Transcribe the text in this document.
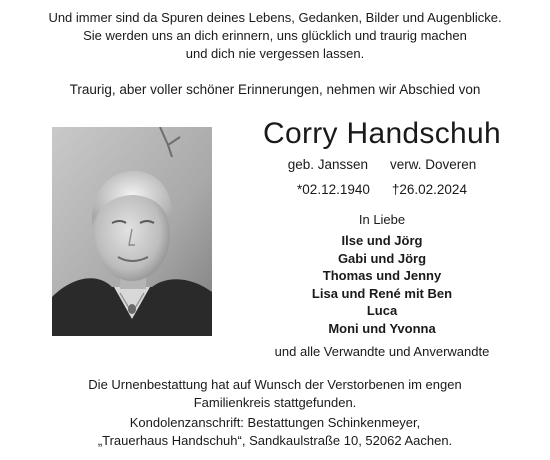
Und immer sind da Spuren deines Lebens, Gedanken, Bilder und Augenblicke.
Sie werden uns an dich erinnern, uns glücklich und traurig machen
und dich nie vergessen lassen.
Traurig, aber voller schöner Erinnerungen, nehmen wir Abschied von
Corry Handschuh
geb. Janssen verw. Doveren
*02.12.1940 †26.02.2024
In Liebe
Ilse und Jörg
Gabi und Jörg
Thomas und Jenny
Lisa und René mit Ben
Luca
Moni und Yvonna
und alle Verwandte und Anverwandte
Die Urnenbestattung hat auf Wunsch der Verstorbenen im engen
Familienkreis stattgefunden.
Kondolenzanschrift: Bestattungen Schinkenmeyer,
„Trauerhaus Handschuh“, Sandkaulstraße 10, 52062 Aachen.
